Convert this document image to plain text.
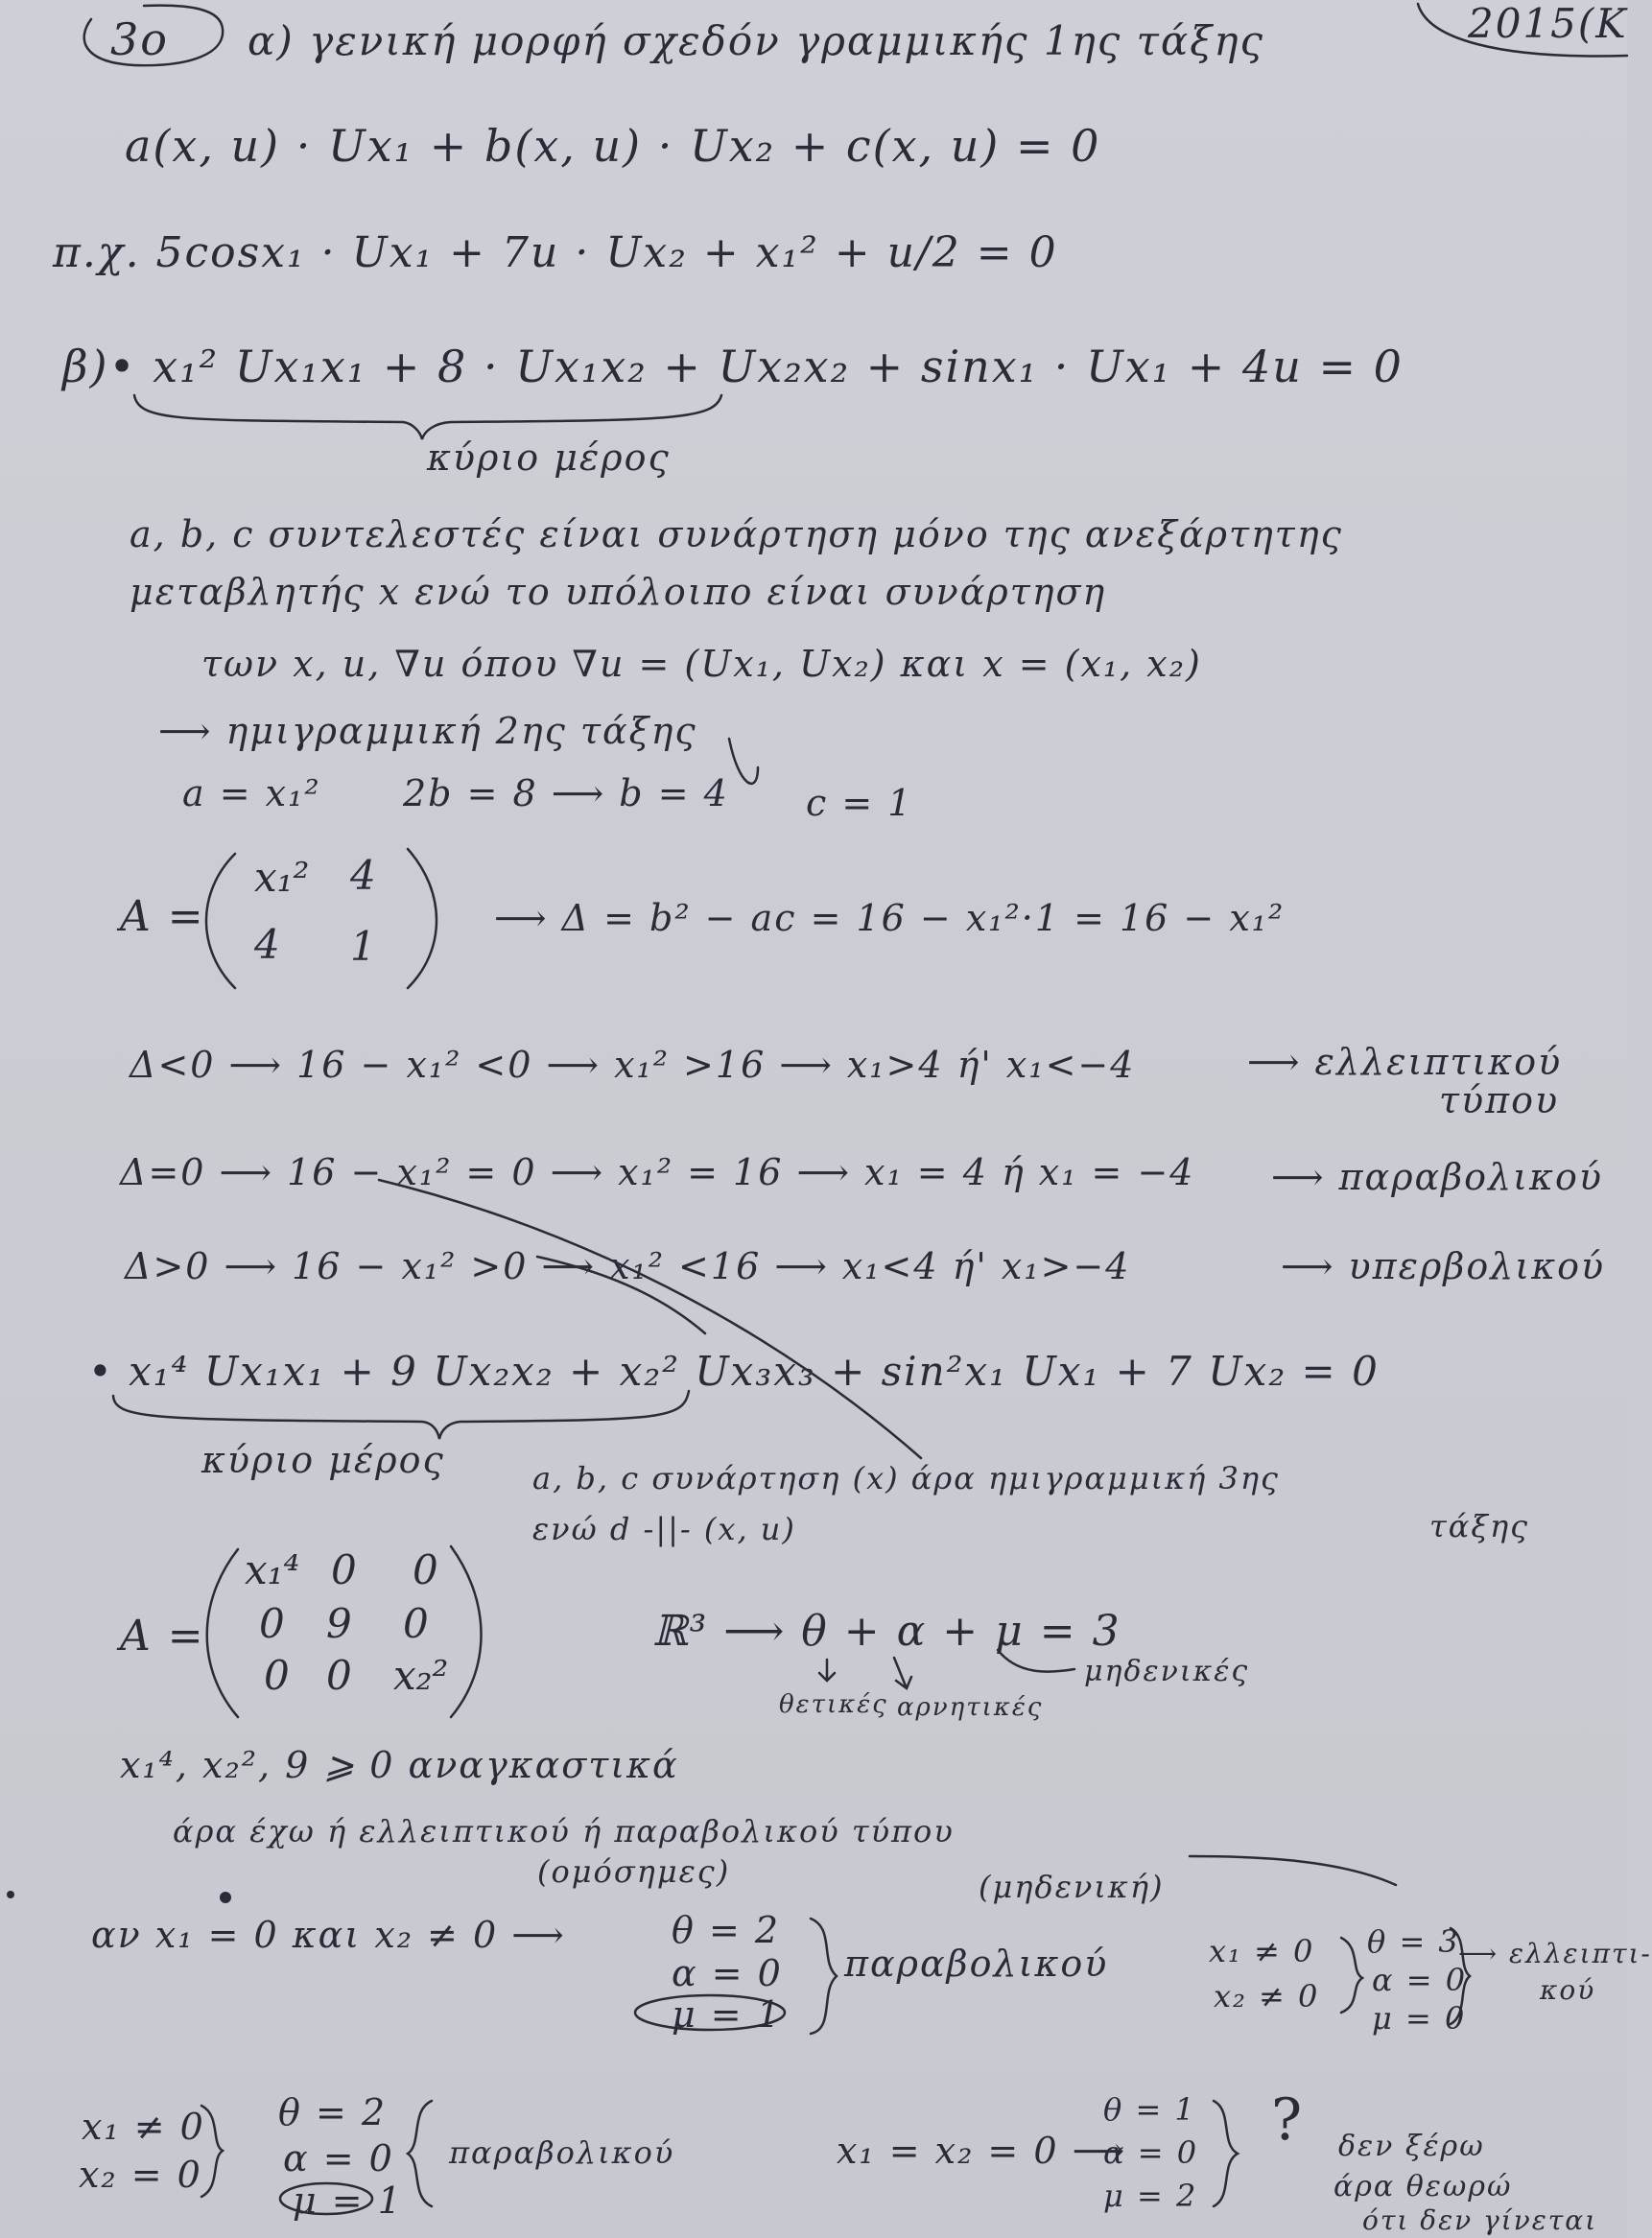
3ο α) γενική μορφή σχεδόν γραμμικής 1ης τάξης	2015(Κ
a(x, u) · Ux₁ + b(x, u) · Ux₂ + c(x, u) = 0
π.χ. 5cosx₁ · Ux₁ + 7u · Ux₂ + x₁² + u/2 = 0
β)• x₁² Ux₁x₁ + 8 · Ux₁x₂ + Ux₂x₂ + sinx₁ · Ux₁ + 4u = 0
κύριο μέρος
a, b, c συντελεστές είναι συνάρτηση μόνο της ανεξάρτητης
μεταβλητής x ενώ το υπόλοιπο είναι συνάρτηση
των x, u, ∇u όπου ∇u = (Ux₁, Ux₂) και x = (x₁, x₂)
⟶ ημιγραμμική 2ης τάξης
a = x₁² 2b = 8 ⟶ b = 4 c = 1
A =
x₁² 4
4 1
⟶ Δ = b² − ac = 16 − x₁²·1 = 16 − x₁²
Δ<0 ⟶ 16 − x₁² <0 ⟶ x₁² >16 ⟶ x₁>4 ή' x₁<−4	⟶ ελλειπτικού
τύπου
Δ=0 ⟶ 16 − x₁² = 0 ⟶ x₁² = 16 ⟶ x₁ = 4 ή x₁ = −4 ⟶ παραβολικού
Δ>0 ⟶ 16 − x₁² >0 ⟶ x₁² <16 ⟶ x₁<4 ή' x₁>−4	⟶ υπερβολικού
• x₁⁴ Ux₁x₁ + 9 Ux₂x₂ + x₂² Ux₃x₃ + sin²x₁ Ux₁ + 7 Ux₂ = 0
κύριο μέρος	a, b, c συνάρτηση (x) άρα ημιγραμμική 3ης
τάξης
ενώ d -||- (x, u)
A =
x₁⁴ 0 0
0 9 0
0 0 x₂²
ℝ³ ⟶ θ + α + μ = 3
θετικές αρνητικές
μηδενικές
x₁⁴, x₂², 9 ⩾ 0 αναγκαστικά
άρα έχω ή ελλειπτικού ή παραβολικού τύπου
(ομόσημες)	(μηδενική)
αν x₁ = 0 και x₂ ≠ 0 ⟶	θ = 2
α = 0
μ = 1
παραβολικού	x₁ ≠ 0
x₂ ≠ 0
θ = 3
α = 0
μ = 0
⟶ ελλειπτι-
κού
x₁ ≠ 0
x₂ = 0
θ = 2
α = 0
μ = 1
παραβολικού	x₁ = x₂ = 0 ⟶
θ = 1
α = 0
μ = 2
? δεν ξέρω
άρα θεωρώ
ότι δεν γίνεται
